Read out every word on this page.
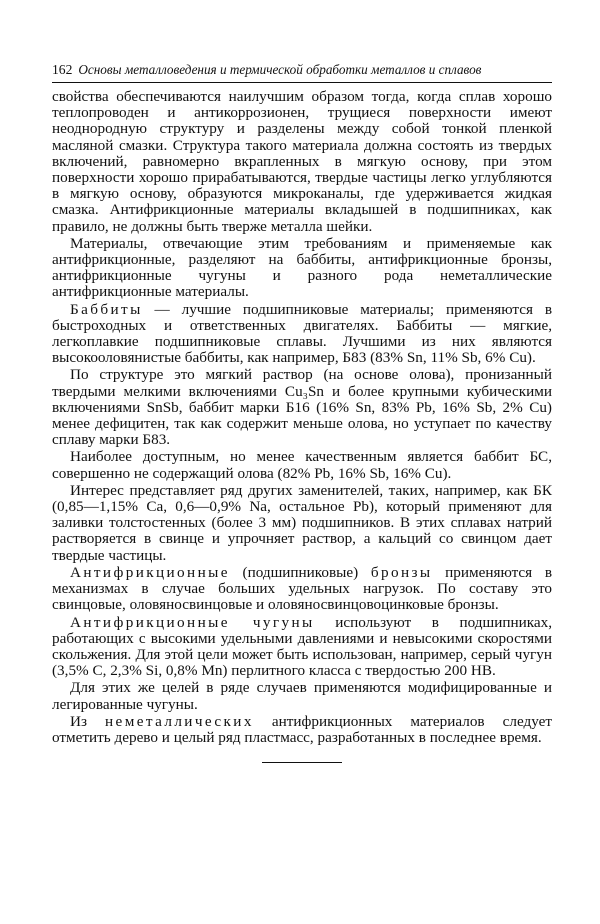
162 Основы металловедения и термической обработки металлов и сплавов

свойства обеспечиваются наилучшим образом тогда, когда сплав хорошо теплопроводен и антикоррозионен, трущиеся поверхности имеют неоднородную структуру и разделены между собой тонкой пленкой масляной смазки. Структура такого материала должна состоять из твердых включений, равномерно вкрапленных в мягкую основу, при этом поверхности хорошо прирабатываются, твердые частицы легко углубляются в мягкую основу, образуются микроканалы, где удерживается жидкая смазка. Антифрикционные материалы вкладышей в подшипниках, как правило, не должны быть тверже металла шейки.

Материалы, отвечающие этим требованиям и применяемые как антифрикционные, разделяют на баббиты, антифрикционные бронзы, антифрикционные чугуны и разного рода неметаллические антифрикционные материалы.

Баббиты — лучшие подшипниковые материалы; применяются в быстроходных и ответственных двигателях. Баббиты — мягкие, легкоплавкие подшипниковые сплавы. Лучшими из них являются высокооловянистые баббиты, как например, Б83 (83% Sn, 11% Sb, 6% Cu).

По структуре это мягкий раствор (на основе олова), пронизанный твердыми мелкими включениями Cu₃Sn и более крупными кубическими включениями SnSb, баббит марки Б16 (16% Sn, 83% Pb, 16% Sb, 2% Cu) менее дефицитен, так как содержит меньше олова, но уступает по качеству сплаву марки Б83.

Наиболее доступным, но менее качественным является баббит БС, совершенно не содержащий олова (82% Pb, 16% Sb, 16% Cu).

Интерес представляет ряд других заменителей, таких, например, как БК (0,85—1,15% Ca, 0,6—0,9% Na, остальное Pb), который применяют для заливки толстостенных (более 3 мм) подшипников. В этих сплавах натрий растворяется в свинце и упрочняет раствор, а кальций со свинцом дает твердые частицы.

Антифрикционные (подшипниковые) бронзы применяются в механизмах в случае больших удельных нагрузок. По составу это свинцовые, оловяносвинцовые и оловяносвинцовоцинковые бронзы.

Антифрикционные чугуны используют в подшипниках, работающих с высокими удельными давлениями и невысокими скоростями скольжения. Для этой цели может быть использован, например, серый чугун (3,5% C, 2,3% Si, 0,8% Mn) перлитного класса с твердостью 200 HB.

Для этих же целей в ряде случаев применяются модифицированные и легированные чугуны.

Из неметаллических антифрикционных материалов следует отметить дерево и целый ряд пластмасс, разработанных в последнее время.
